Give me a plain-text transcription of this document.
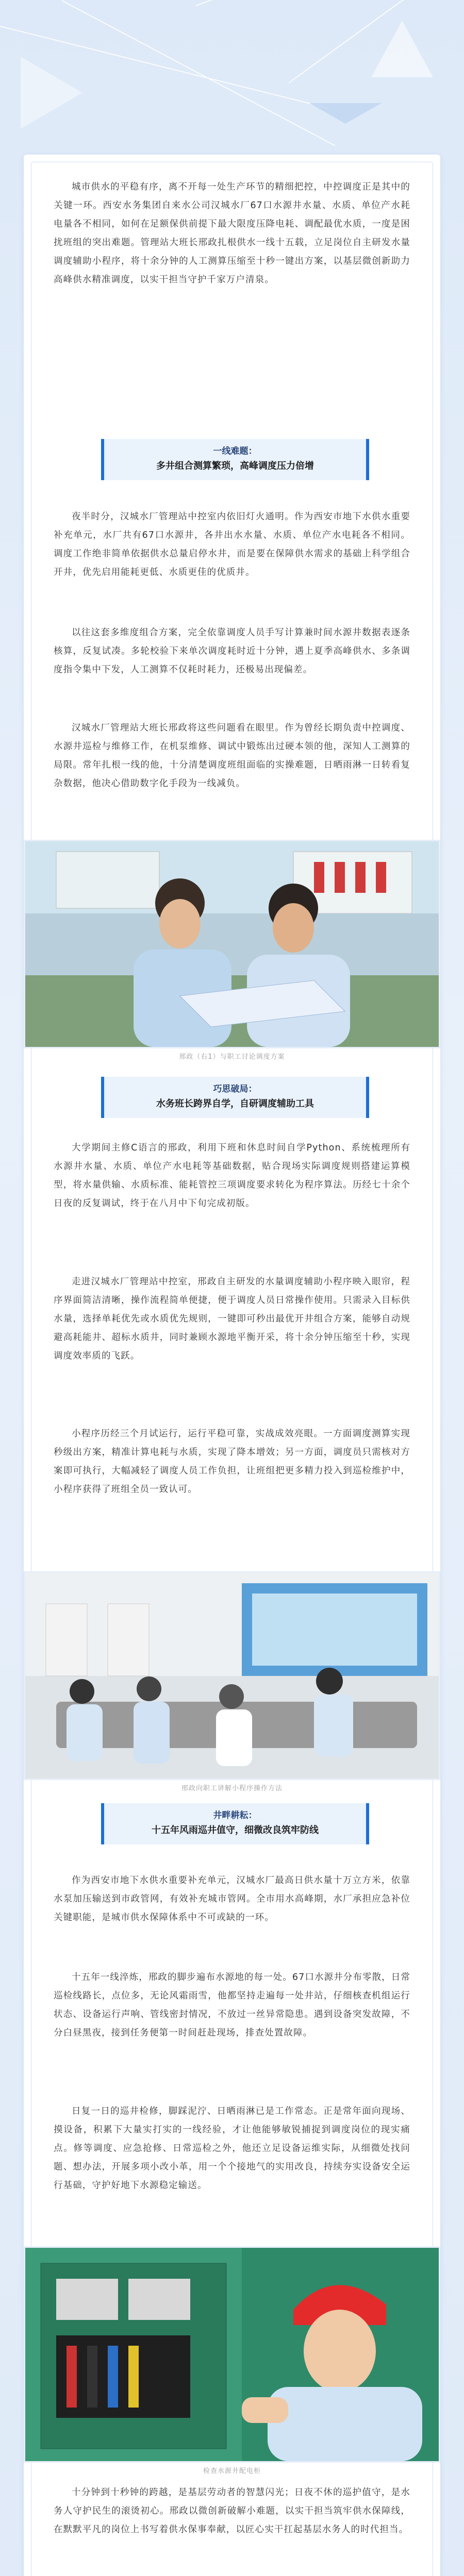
城市供水的平稳有序，离不开每一处生产环节的精细把控，中控调度正是其中的关键一环。西安水务集团自来水公司汉城水厂67口水源井水量、水质、单位产水耗电量各不相同，如何在足额保供前提下最大限度压降电耗、调配最优水质，一度是困扰班组的突出难题。管理站大班长邢政扎根供水一线十五载，立足岗位自主研发水量调度辅助小程序，将十余分钟的人工测算压缩至十秒一键出方案，以基层微创新助力高峰供水精准调度，以实干担当守护千家万户清泉。

一线难题：
多井组合测算繁琐，高峰调度压力倍增

夜半时分，汉城水厂管理站中控室内依旧灯火通明。作为西安市地下水供水重要补充单元，水厂共有67口水源井，各井出水水量、水质、单位产水电耗各不相同。调度工作绝非简单依据供水总量启停水井，而是要在保障供水需求的基础上科学组合开井，优先启用能耗更低、水质更佳的优质井。

以往这套多维度组合方案，完全依靠调度人员手写计算兼时间水源井数据表逐条核算，反复试凑。多轮校验下来单次调度耗时近十分钟，遇上夏季高峰供水、多条调度指令集中下发，人工测算不仅耗时耗力，还极易出现偏差。

汉城水厂管理站大班长邢政将这些问题看在眼里。作为曾经长期负责中控调度、水源井巡检与维修工作，在机泵维修、调试中锻炼出过硬本领的他，深知人工测算的局限。常年扎根一线的他，十分清楚调度班组面临的实操难题，日晒雨淋一日转看复杂数据，他决心借助数字化手段为一线减负。

邢政（右1）与职工讨论调度方案
巧思破局：
水务班长跨界自学，自研调度辅助工具

大学期间主修C语言的邢政，利用下班和休息时间自学Python、系统梳理所有水源井水量、水质、单位产水电耗等基础数据，贴合现场实际调度规则搭建运算模型，将水量供输、水质标准、能耗管控三项调度要求转化为程序算法。历经七十余个日夜的反复调试，终于在八月中下旬完成初版。

走进汉城水厂管理站中控室，邢政自主研发的水量调度辅助小程序映入眼帘，程序界面简洁清晰，操作流程简单便捷，便于调度人员日常操作使用。只需录入目标供水量，选择单耗优先或水质优先规则，一键即可秒出最优开井组合方案，能够自动规避高耗能井、超标水质井，同时兼顾水源地平衡开采，将十余分钟压缩至十秒，实现调度效率质的飞跃。

小程序历经三个月试运行，运行平稳可靠，实战成效亮眼。一方面调度测算实现秒级出方案，精准计算电耗与水质，实现了降本增效；另一方面，调度员只需核对方案即可执行，大幅减轻了调度人员工作负担，让班组把更多精力投入到巡检维护中，小程序获得了班组全员一致认可。

邢政向职工讲解小程序操作方法
井畔耕耘：
十五年风雨巡井值守，细微改良筑牢防线

作为西安市地下水供水重要补充单元，汉城水厂最高日供水量十万立方米，依靠水泵加压输送到市政管网，有效补充城市管网。全市用水高峰期，水厂承担应急补位关键职能，是城市供水保障体系中不可或缺的一环。

十五年一线淬炼，邢政的脚步遍布水源地的每一处。67口水源井分布零散，日常巡检线路长，点位多，无论风霜雨雪，他都坚持走遍每一处井站，仔细核查机组运行状态、设备运行声响、管线密封情况，不放过一丝异常隐患。遇到设备突发故障，不分白昼黑夜，接到任务便第一时间赶赴现场，排查处置故障。

日复一日的巡井检修，脚踩泥泞、日晒雨淋已是工作常态。正是常年面向现场、摸设备，积累下大量实打实的一线经验，才让他能够敏锐捕捉到调度岗位的现实痛点。修等调度、应急抢修、日常巡检之外，他还立足设备运维实际，从细微处找问题、想办法，开展多项小改小革，用一个个接地气的实用改良，持续夯实设备安全运行基础，守护好地下水源稳定输送。

检查水源井配电柜

十分钟到十秒钟的跨越，是基层劳动者的智慧闪光；日夜不休的巡护值守，是水务人守护民生的滚烫初心。邢政以微创新破解小难题，以实干担当筑牢供水保障线，在默默平凡的岗位上书写着供水保事奉献，以匠心实干扛起基层水务人的时代担当。
